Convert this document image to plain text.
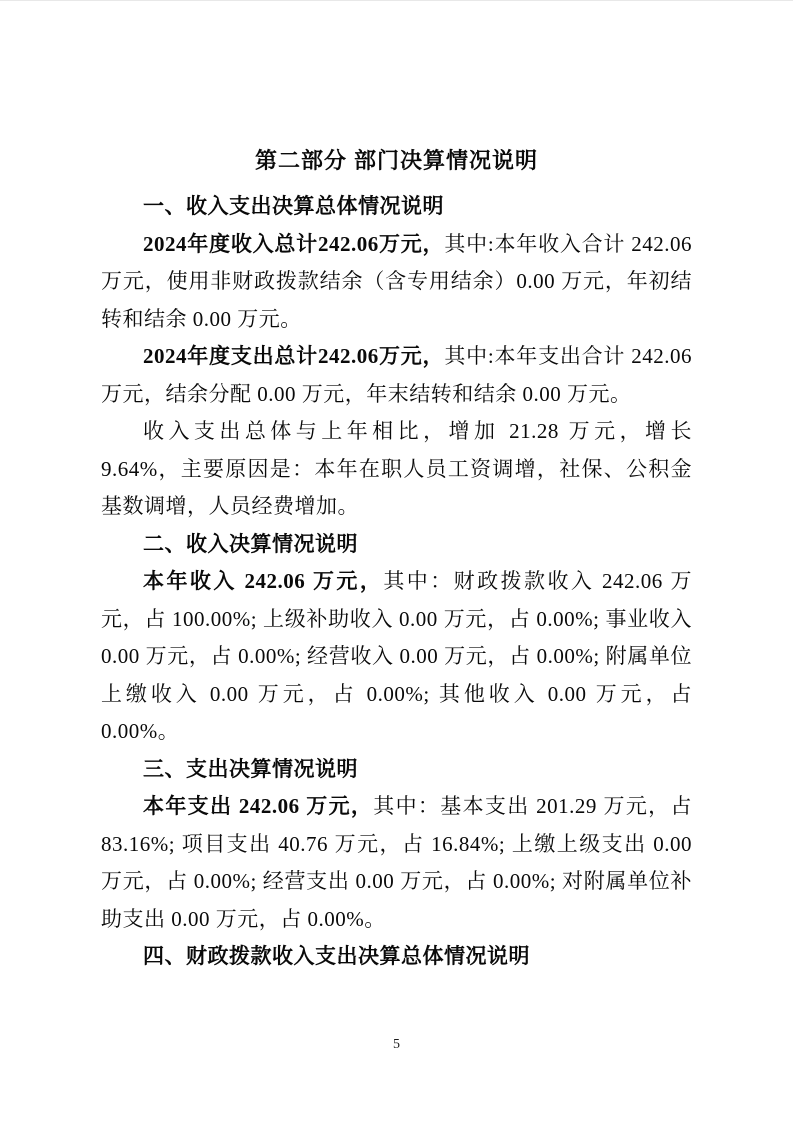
第二部分 部门决算情况说明
一、收入支出决算总体情况说明

2024年度收入总计242.06万元，其中:本年收入合计 242.06 万元，使用非财政拨款结余（含专用结余）0.00 万元，年初结转和结余 0.00 万元。

2024年度支出总计242.06万元，其中:本年支出合计 242.06 万元，结余分配 0.00 万元，年末结转和结余 0.00 万元。

收入支出总体与上年相比，增加 21.28 万元，增长 9.64%，主要原因是：本年在职人员工资调增，社保、公积金基数调增，人员经费增加。

二、收入决算情况说明

本年收入 242.06 万元，其中：财政拨款收入 242.06 万元，占 100.00%; 上级补助收入 0.00 万元，占 0.00%; 事业收入 0.00 万元，占 0.00%; 经营收入 0.00 万元，占 0.00%; 附属单位上缴收入 0.00 万元，占 0.00%; 其他收入 0.00 万元，占 0.00%。

三、支出决算情况说明

本年支出 242.06 万元，其中：基本支出 201.29 万元，占 83.16%; 项目支出 40.76 万元，占 16.84%; 上缴上级支出 0.00 万元，占 0.00%; 经营支出 0.00 万元，占 0.00%; 对附属单位补助支出 0.00 万元，占 0.00%。

四、财政拨款收入支出决算总体情况说明
5
